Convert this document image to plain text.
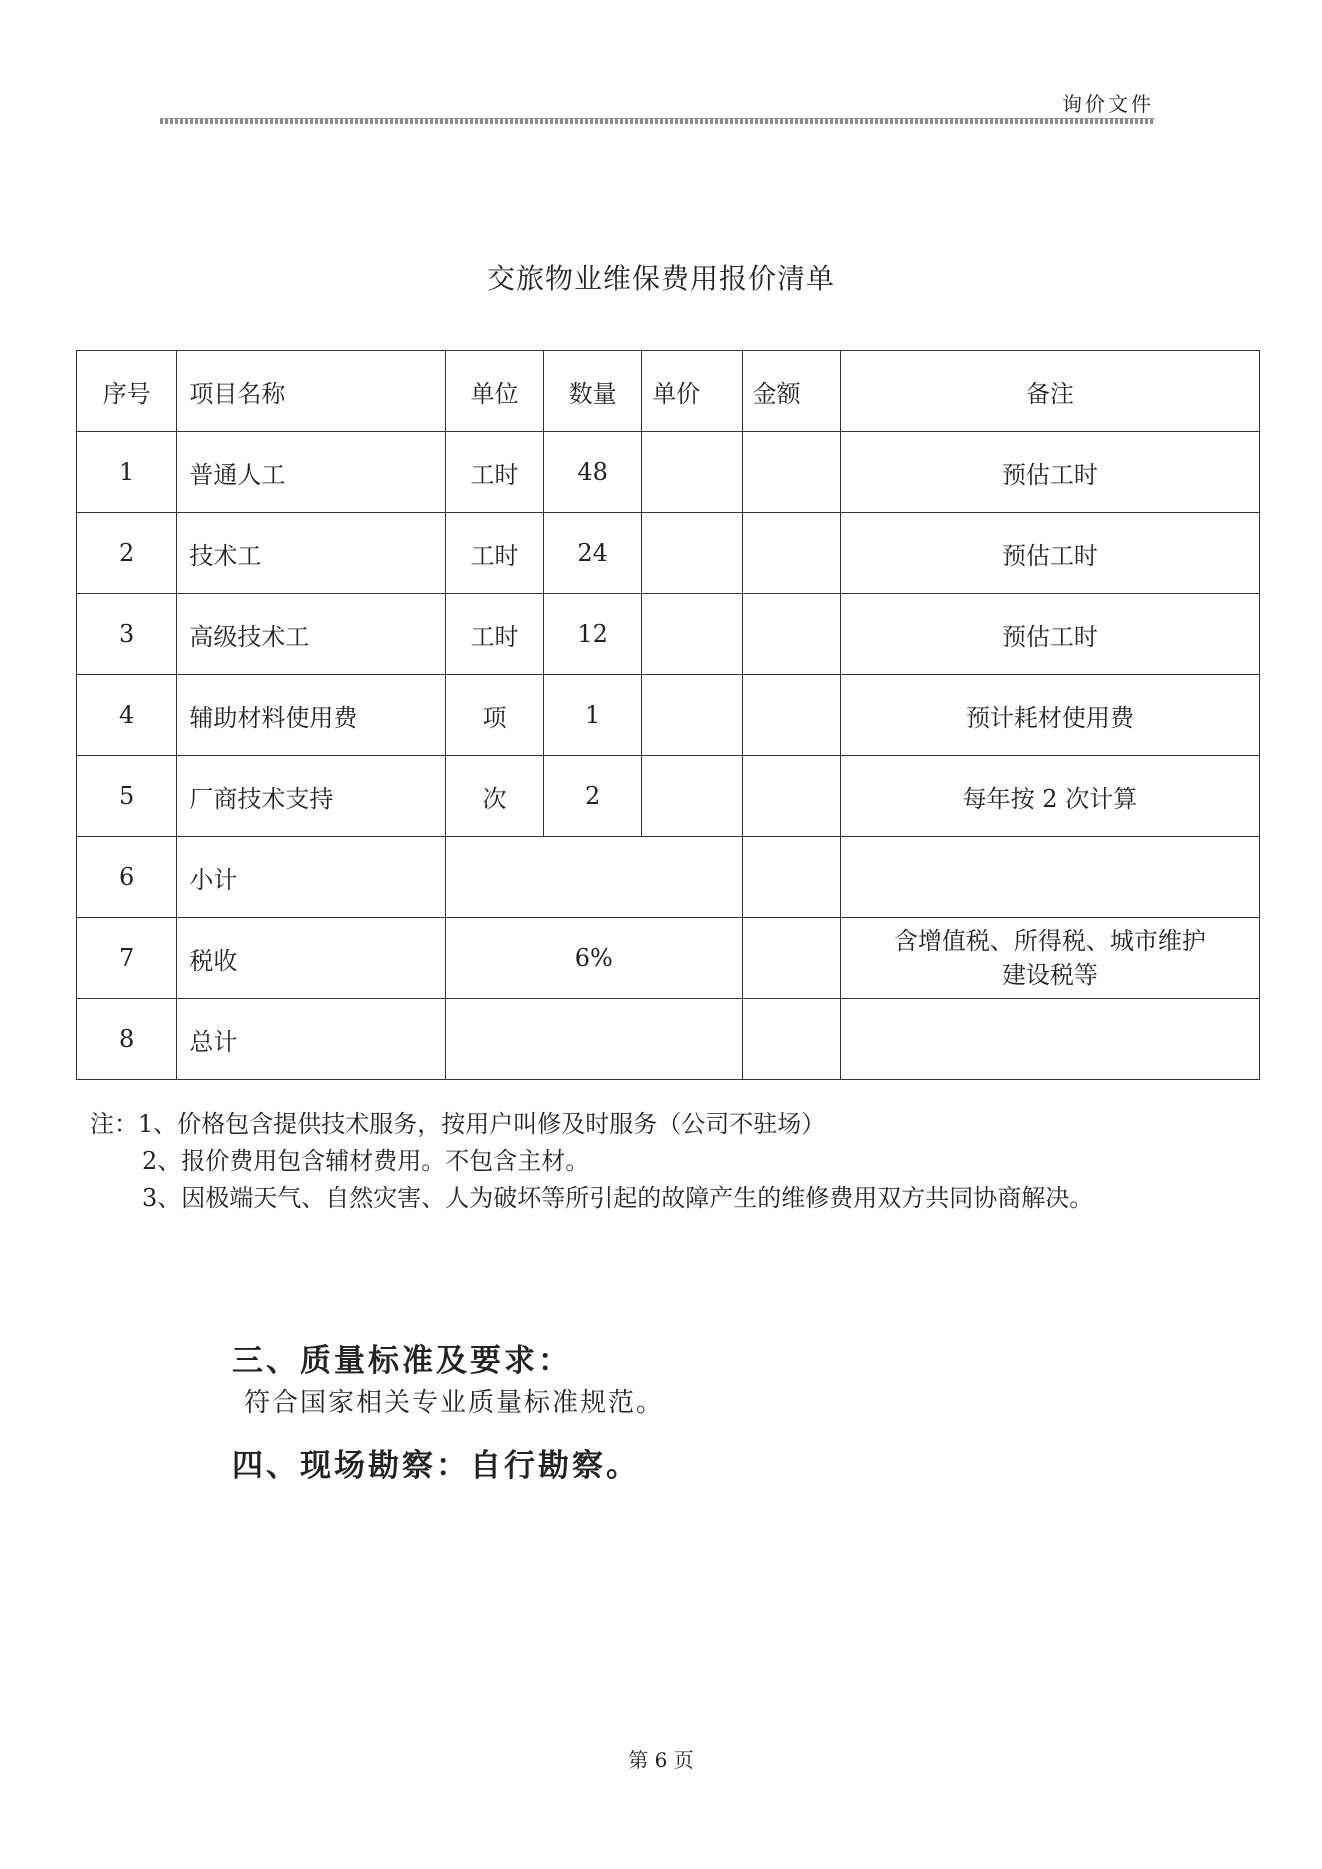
询价文件
交旅物业维保费用报价清单
序号	项目名称	单位	数量	单价	金额	备注
1	普通人工	工时	48			预估工时
2	技术工	工时	24			预估工时
3	高级技术工	工时	12			预估工时
4	辅助材料使用费	项	1			预计耗材使用费
5	厂商技术支持	次	2			每年按 2 次计算
6	小计					
7	税收	6%				含增值税、所得税、城市维护
建设税等

8	总计					
注：1、价格包含提供技术服务，按用户叫修及时服务（公司不驻场）
2、报价费用包含辅材费用。不包含主材。
3、因极端天气、自然灾害、人为破坏等所引起的故障产生的维修费用双方共同协商解决。
三、质量标准及要求：
符合国家相关专业质量标准规范。
四、现场勘察：自行勘察。
第 6 页
